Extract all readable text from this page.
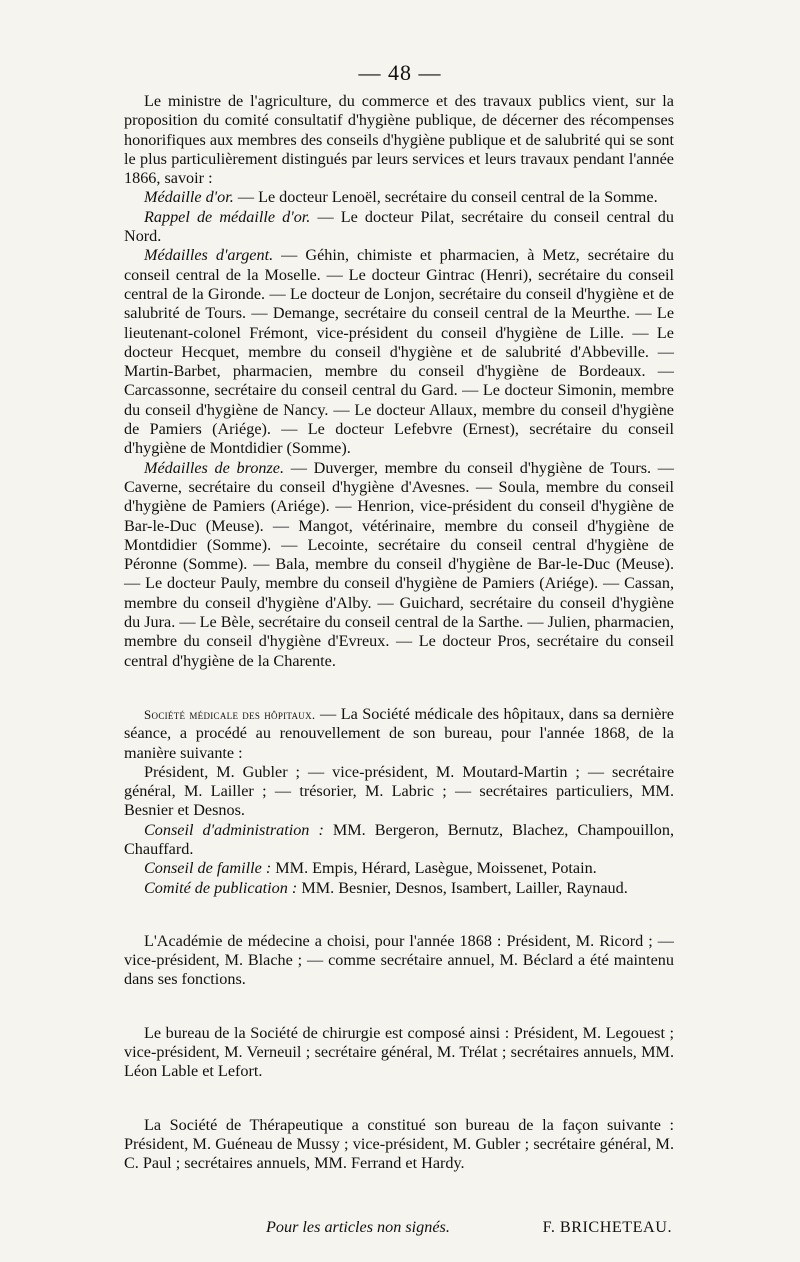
— 48 —

Le ministre de l'agriculture, du commerce et des travaux publics vient, sur la proposition du comité consultatif d'hygiène publique, de décerner des récompenses honorifiques aux membres des conseils d'hygiène publique et de salubrité qui se sont le plus particulièrement distingués par leurs services et leurs travaux pendant l'année 1866, savoir :

Médaille d'or. — Le docteur Lenoël, secrétaire du conseil central de la Somme.

Rappel de médaille d'or. — Le docteur Pilat, secrétaire du conseil central du Nord.

Médailles d'argent. — Géhin, chimiste et pharmacien, à Metz, secrétaire du conseil central de la Moselle. — Le docteur Gintrac (Henri), secrétaire du conseil central de la Gironde. — Le docteur de Lonjon, secrétaire du conseil d'hygiène et de salubrité de Tours. — Demange, secrétaire du conseil central de la Meurthe. — Le lieutenant-colonel Frémont, vice-président du conseil d'hygiène de Lille. — Le docteur Hecquet, membre du conseil d'hygiène et de salubrité d'Abbeville. — Martin-Barbet, pharmacien, membre du conseil d'hygiène de Bordeaux. — Carcassonne, secrétaire du conseil central du Gard. — Le docteur Simonin, membre du conseil d'hygiène de Nancy. — Le docteur Allaux, membre du conseil d'hygiène de Pamiers (Ariége). — Le docteur Lefebvre (Ernest), secrétaire du conseil d'hygiène de Montdidier (Somme).

Médailles de bronze. — Duverger, membre du conseil d'hygiène de Tours. — Caverne, secrétaire du conseil d'hygiène d'Avesnes. — Soula, membre du conseil d'hygiène de Pamiers (Ariége). — Henrion, vice-président du conseil d'hygiène de Bar-le-Duc (Meuse). — Mangot, vétérinaire, membre du conseil d'hygiène de Montdidier (Somme). — Lecointe, secrétaire du conseil central d'hygiène de Péronne (Somme). — Bala, membre du conseil d'hygiène de Bar-le-Duc (Meuse). — Le docteur Pauly, membre du conseil d'hygiène de Pamiers (Ariége). — Cassan, membre du conseil d'hygiène d'Alby. — Guichard, secrétaire du conseil d'hygiène du Jura. — Le Bèle, secrétaire du conseil central de la Sarthe. — Julien, pharmacien, membre du conseil d'hygiène d'Evreux. — Le docteur Pros, secrétaire du conseil central d'hygiène de la Charente.

Société médicale des hôpitaux. — La Société médicale des hôpitaux, dans sa dernière séance, a procédé au renouvellement de son bureau, pour l'année 1868, de la manière suivante :

Président, M. Gubler ; — vice-président, M. Moutard-Martin ; — secrétaire général, M. Lailler ; — trésorier, M. Labric ; — secrétaires particuliers, MM. Besnier et Desnos.

Conseil d'administration : MM. Bergeron, Bernutz, Blachez, Champouillon, Chauffard.

Conseil de famille : MM. Empis, Hérard, Lasègue, Moissenet, Potain.

Comité de publication : MM. Besnier, Desnos, Isambert, Lailler, Raynaud.

L'Académie de médecine a choisi, pour l'année 1868 : Président, M. Ricord ; — vice-président, M. Blache ; — comme secrétaire annuel, M. Béclard a été maintenu dans ses fonctions.

Le bureau de la Société de chirurgie est composé ainsi : Président, M. Legouest ; vice-président, M. Verneuil ; secrétaire général, M. Trélat ; secrétaires annuels, MM. Léon Lable et Lefort.

La Société de Thérapeutique a constitué son bureau de la façon suivante : Président, M. Guéneau de Mussy ; vice-président, M. Gubler ; secrétaire général, M. C. Paul ; secrétaires annuels, MM. Ferrand et Hardy.

Pour les articles non signés.	F. BRICHETEAU.
